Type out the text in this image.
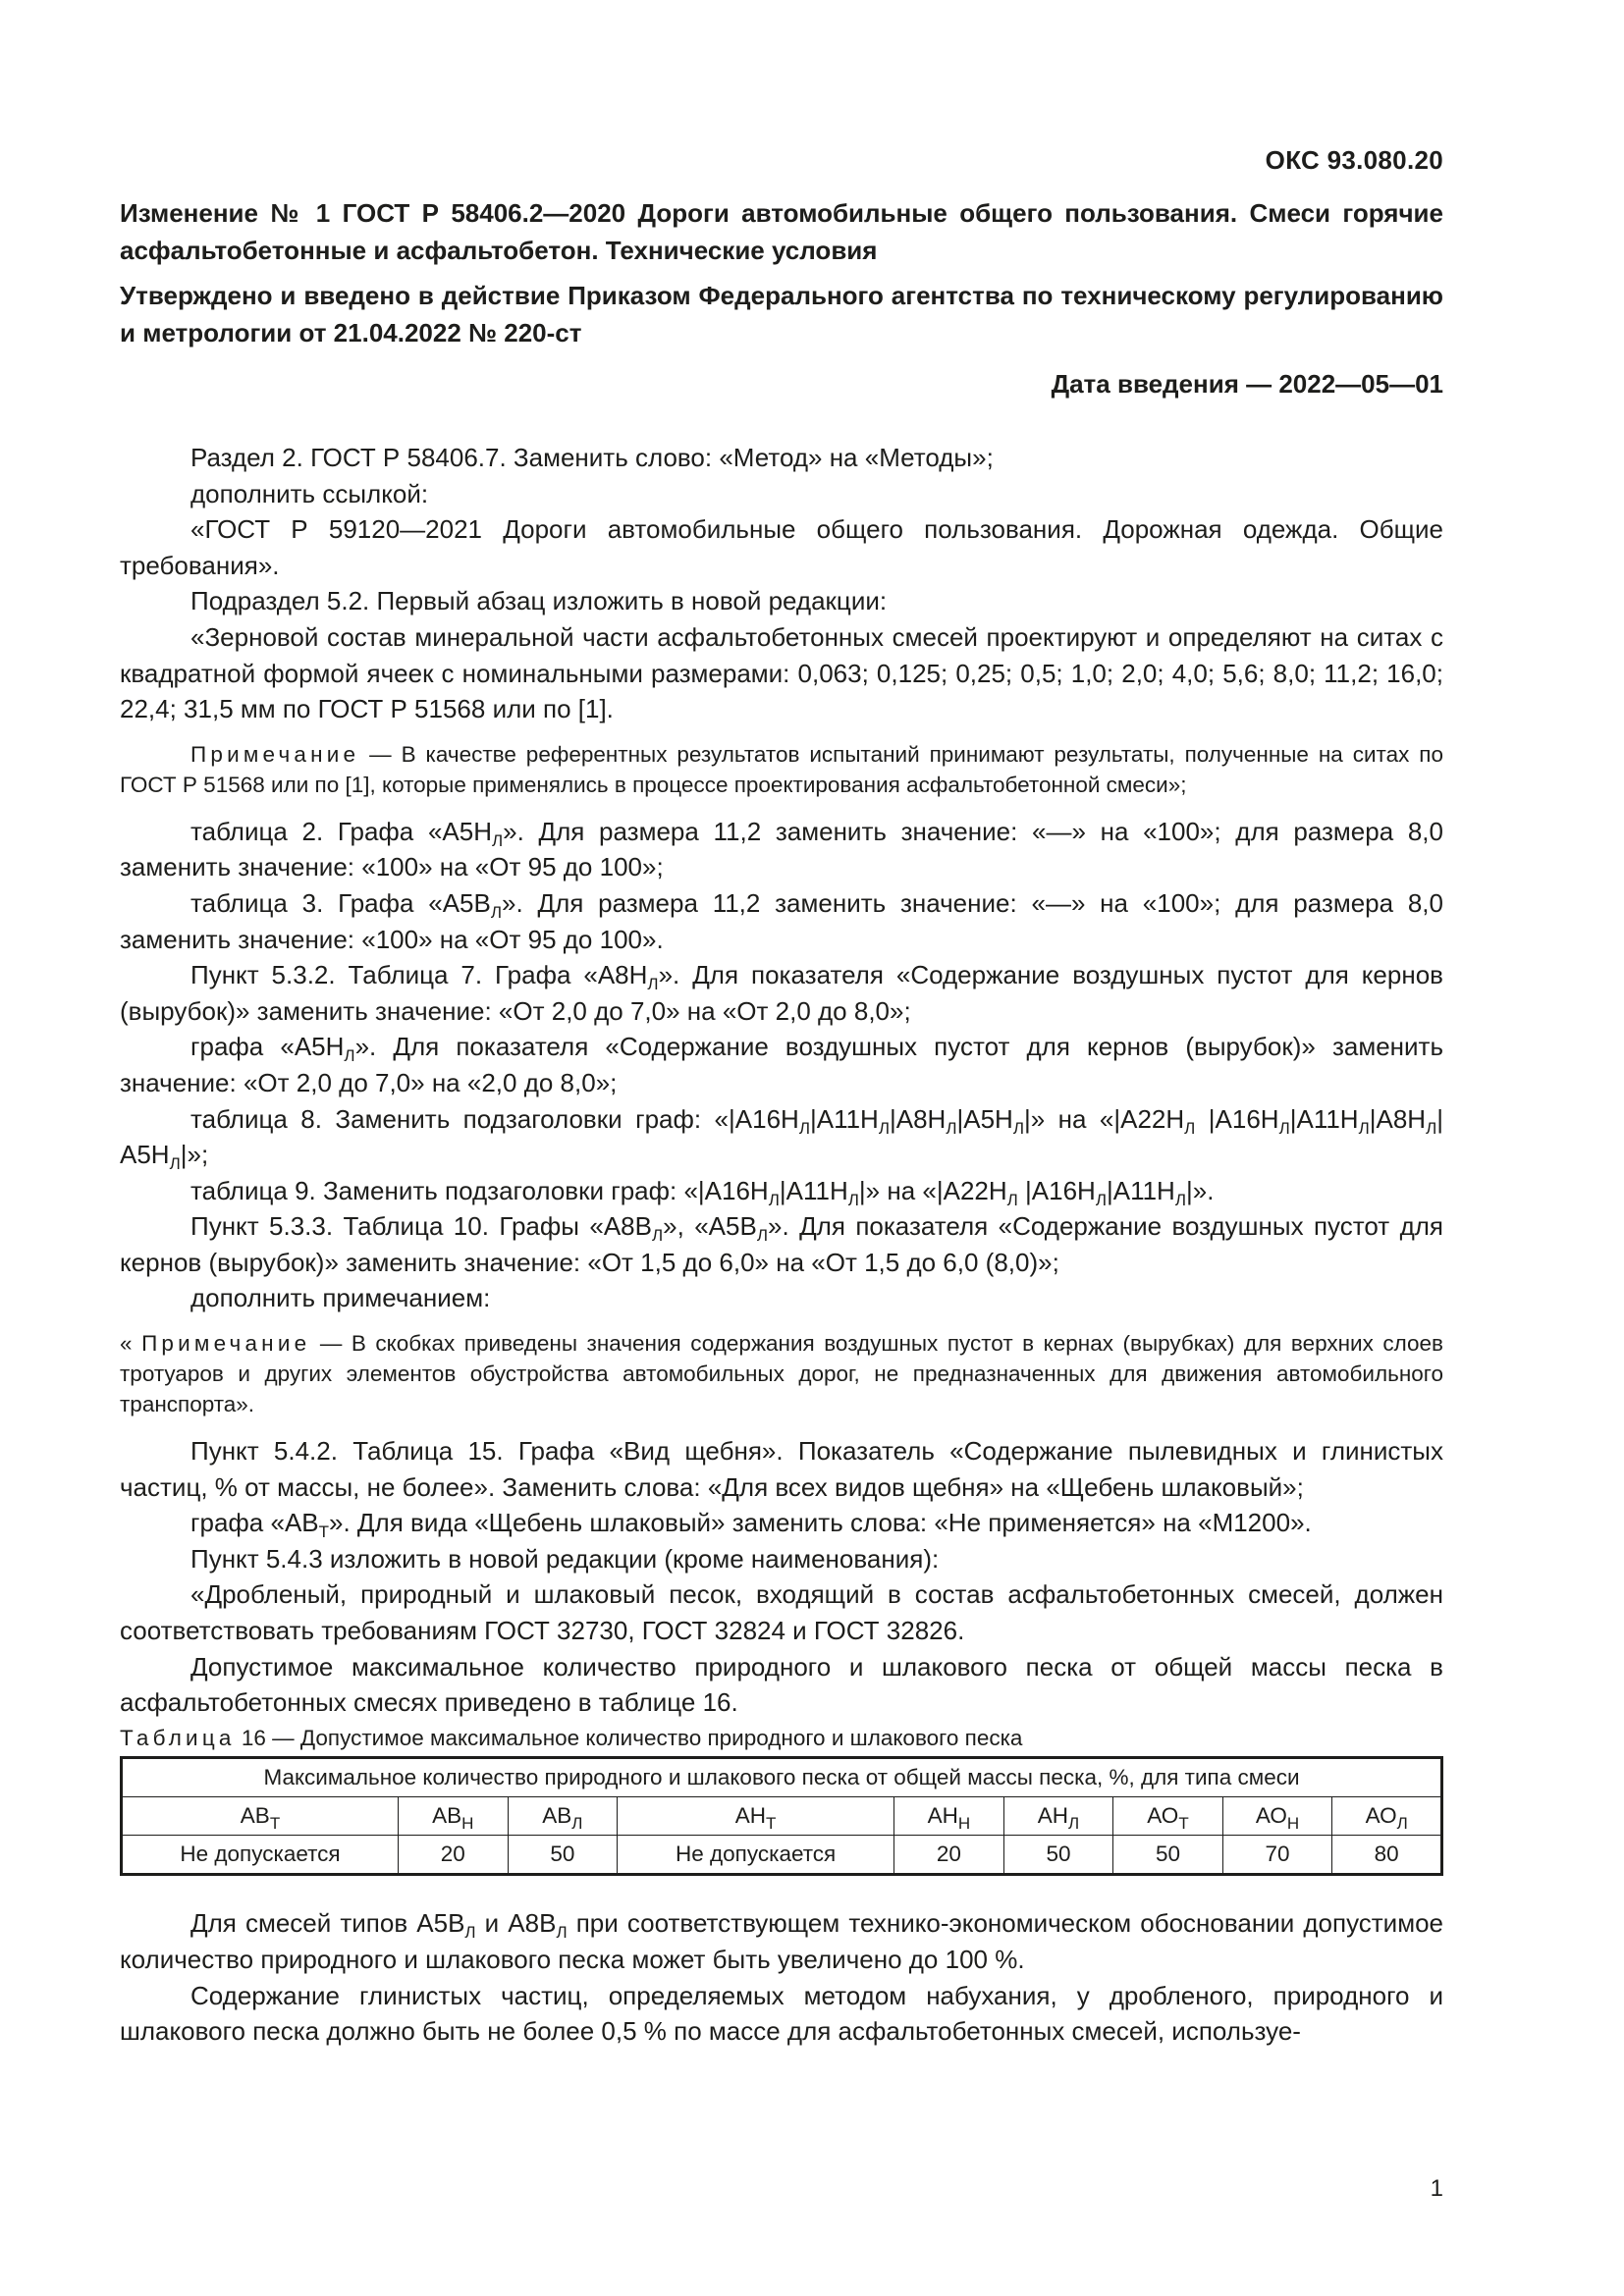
ОКС 93.080.20
Изменение № 1 ГОСТ Р 58406.2—2020 Дороги автомобильные общего пользования. Смеси горячие асфальтобетонные и асфальтобетон. Технические условия
Утверждено и введено в действие Приказом Федерального агентства по техническому регулированию и метрологии от 21.04.2022 № 220-ст
Дата введения — 2022—05—01

Раздел 2. ГОСТ Р 58406.7. Заменить слово: «Метод» на «Методы»;

дополнить ссылкой:

«ГОСТ Р 59120—2021 Дороги автомобильные общего пользования. Дорожная одежда. Общие требования».

Подраздел 5.2. Первый абзац изложить в новой редакции:

«Зерновой состав минеральной части асфальтобетонных смесей проектируют и определяют на ситах с квадратной формой ячеек с номинальными размерами: 0,063; 0,125; 0,25; 0,5; 1,0; 2,0; 4,0; 5,6; 8,0; 11,2; 16,0; 22,4; 31,5 мм по ГОСТ Р 51568 или по [1].

Примечание — В качестве референтных результатов испытаний принимают результаты, полученные на ситах по ГОСТ Р 51568 или по [1], которые применялись в процессе проектирования асфальтобетонной смеси»;

таблица 2. Графа «$А5Н_Л$». Для размера 11,2 заменить значение: «—» на «100»; для размера 8,0 заменить значение: «100» на «От 95 до 100»;

таблица 3. Графа «$А5В_Л$». Для размера 11,2 заменить значение: «—» на «100»; для размера 8,0 заменить значение: «100» на «От 95 до 100».

Пункт 5.3.2. Таблица 7. Графа «$А8Н_Л$». Для показателя «Содержание воздушных пустот для кернов (вырубок)» заменить значение: «От 2,0 до 7,0» на «От 2,0 до 8,0»;

графа «$А5Н_Л$». Для показателя «Содержание воздушных пустот для кернов (вырубок)» заменить значение: «От 2,0 до 7,0» на «2,0 до 8,0»;

таблица 8. Заменить подзаголовки граф: «$|А16Н_Л|А11Н_Л|А8Н_Л|А5Н_Л|$» на «$|А22Н_Л$ $|А16Н_Л|А11Н_Л|А8Н_Л|А5Н_Л|$»;

таблица 9. Заменить подзаголовки граф: «$|А16Н_Л|А11Н_Л|$» на «$|А22Н_Л$ $|А16Н_Л|А11Н_Л|$».

Пункт 5.3.3. Таблица 10. Графы «$А8В_Л$», «$А5В_Л$». Для показателя «Содержание воздушных пустот для кернов (вырубок)» заменить значение: «От 1,5 до 6,0» на «От 1,5 до 6,0 (8,0)»;

дополнить примечанием:

« Примечание — В скобках приведены значения содержания воздушных пустот в кернах (вырубках) для верхних слоев тротуаров и других элементов обустройства автомобильных дорог, не предназначенных для движения автомобильного транспорта».

Пункт 5.4.2. Таблица 15. Графа «Вид щебня». Показатель «Содержание пылевидных и глинистых частиц, % от массы, не более». Заменить слова: «Для всех видов щебня» на «Щебень шлаковый»;

графа «$АВ_Т$». Для вида «Щебень шлаковый» заменить слова: «Не применяется» на «М1200».

Пункт 5.4.3 изложить в новой редакции (кроме наименования):

«Дробленый, природный и шлаковый песок, входящий в состав асфальтобетонных смесей, должен соответствовать требованиям ГОСТ 32730, ГОСТ 32824 и ГОСТ 32826.

Допустимое максимальное количество природного и шлакового песка от общей массы песка в асфальтобетонных смесях приведено в таблице 16.

Таблица 16 — Допустимое максимальное количество природного и шлакового песка

Максимальное количество природного и шлакового песка от общей массы песка, %, для типа смеси								
$АВ_Т$	$АВ_Н$	$АВ_Л$	$АН_Т$	$АН_Н$	$АН_Л$	$АО_Т$	$АО_Н$	$АО_Л$
Не допускается	20	50	Не допускается	20	50	50	70	80

Для смесей типов $А5В_Л$ и $А8В_Л$ при соответствующем технико-экономическом обосновании допустимое количество природного и шлакового песка может быть увеличено до 100 %.

Содержание глинистых частиц, определяемых методом набухания, у дробленого, природного и шлакового песка должно быть не более 0,5 % по массе для асфальтобетонных смесей, используе-

1
